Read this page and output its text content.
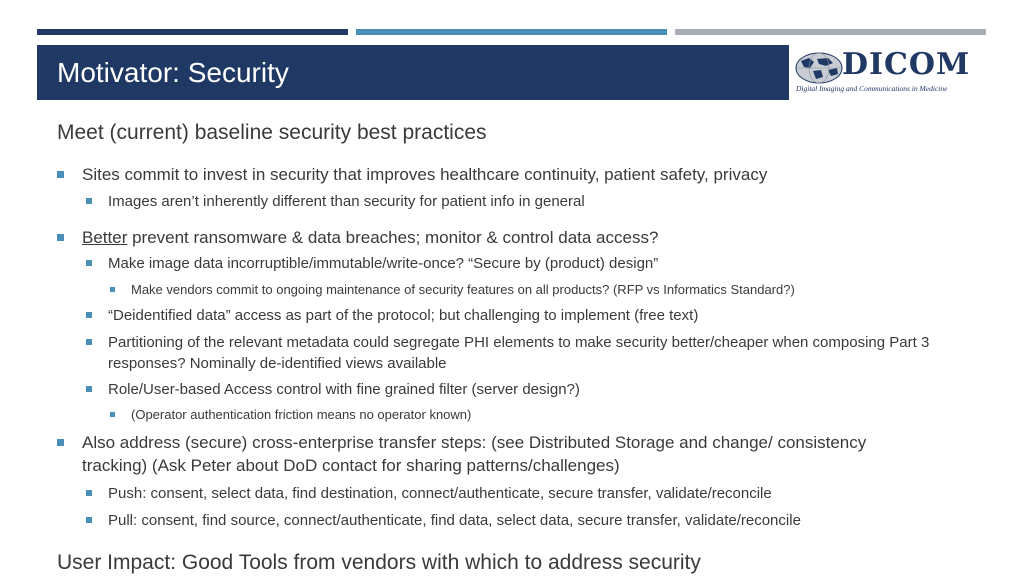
Motivator: Security	DICOM
Digital Imaging and Communications in Medicine
Meet (current) baseline security best practices
Sites commit to invest in security that improves healthcare continuity, patient safety, privacy
Images aren’t inherently different than security for patient info in general
Better prevent ransomware & data breaches; monitor & control data access?
Make image data incorruptible/immutable/write-once? “Secure by (product) design”
Make vendors commit to ongoing maintenance of security features on all products? (RFP vs Informatics Standard?)
“Deidentified data” access as part of the protocol; but challenging to implement (free text)
Partitioning of the relevant metadata could segregate PHI elements to make security better/cheaper when composing Part 3 responses? Nominally de-identified views available
Role/User-based Access control with fine grained filter (server design?)
(Operator authentication friction means no operator known)
Also address (secure) cross-enterprise transfer steps: (see Distributed Storage and change/ consistency tracking) (Ask Peter about DoD contact for sharing patterns/challenges)
Push: consent, select data, find destination, connect/authenticate, secure transfer, validate/reconcile
Pull: consent, find source, connect/authenticate, find data, select data, secure transfer, validate/reconcile
User Impact: Good Tools from vendors with which to address security
